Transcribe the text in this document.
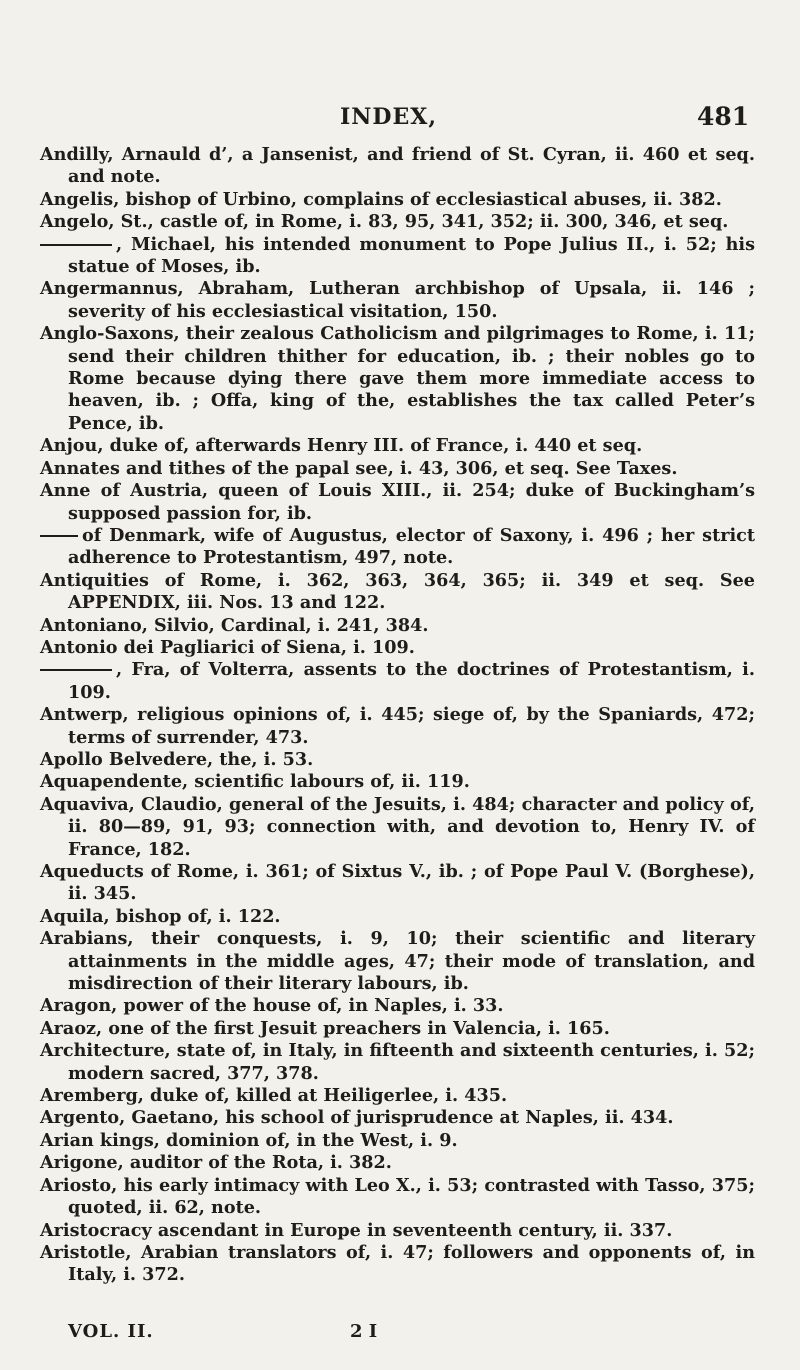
INDEX,	481

Andilly, Arnauld d’, a Jansenist, and friend of St. Cyran, ii. 460 et seq. and note.

Angelis, bishop of Urbino, complains of ecclesiastical abuses, ii. 382.

Angelo, St., castle of, in Rome, i. 83, 95, 341, 352; ii. 300, 346, et seq.

, Michael, his intended monument to Pope Julius II., i. 52; his statue of Moses, ib.

Angermannus, Abraham, Lutheran archbishop of Upsala, ii. 146 ; severity of his ecclesiastical visitation, 150.

Anglo-Saxons, their zealous Catholicism and pilgrimages to Rome, i. 11; send their children thither for education, ib. ; their nobles go to Rome because dying there gave them more immediate access to heaven, ib. ; Offa, king of the, establishes the tax called Peter’s Pence, ib.

Anjou, duke of, afterwards Henry III. of France, i. 440 et seq.

Annates and tithes of the papal see, i. 43, 306, et seq. See Taxes.

Anne of Austria, queen of Louis XIII., ii. 254; duke of Buckingham’s supposed passion for, ib.

of Denmark, wife of Augustus, elector of Saxony, i. 496 ; her strict adherence to Protestantism, 497, note.

Antiquities of Rome, i. 362, 363, 364, 365; ii. 349 et seq. See APPENDIX, iii. Nos. 13 and 122.

Antoniano, Silvio, Cardinal, i. 241, 384.

Antonio dei Pagliarici of Siena, i. 109.

, Fra, of Volterra, assents to the doctrines of Protestantism, i. 109.

Antwerp, religious opinions of, i. 445; siege of, by the Spaniards, 472; terms of surrender, 473.

Apollo Belvedere, the, i. 53.

Aquapendente, scientific labours of, ii. 119.

Aquaviva, Claudio, general of the Jesuits, i. 484; character and policy of, ii. 80—89, 91, 93; connection with, and devotion to, Henry IV. of France, 182.

Aqueducts of Rome, i. 361; of Sixtus V., ib. ; of Pope Paul V. (Borghese), ii. 345.

Aquila, bishop of, i. 122.

Arabians, their conquests, i. 9, 10; their scientific and literary attainments in the middle ages, 47; their mode of translation, and misdirection of their literary labours, ib.

Aragon, power of the house of, in Naples, i. 33.

Araoz, one of the first Jesuit preachers in Valencia, i. 165.

Architecture, state of, in Italy, in fifteenth and sixteenth centuries, i. 52; modern sacred, 377, 378.

Aremberg, duke of, killed at Heiligerlee, i. 435.

Argento, Gaetano, his school of jurisprudence at Naples, ii. 434.

Arian kings, dominion of, in the West, i. 9.

Arigone, auditor of the Rota, i. 382.

Ariosto, his early intimacy with Leo X., i. 53; contrasted with Tasso, 375; quoted, ii. 62, note.

Aristocracy ascendant in Europe in seventeenth century, ii. 337.

Aristotle, Arabian translators of, i. 47; followers and opponents of, in Italy, i. 372.

VOL. II.	2 I
